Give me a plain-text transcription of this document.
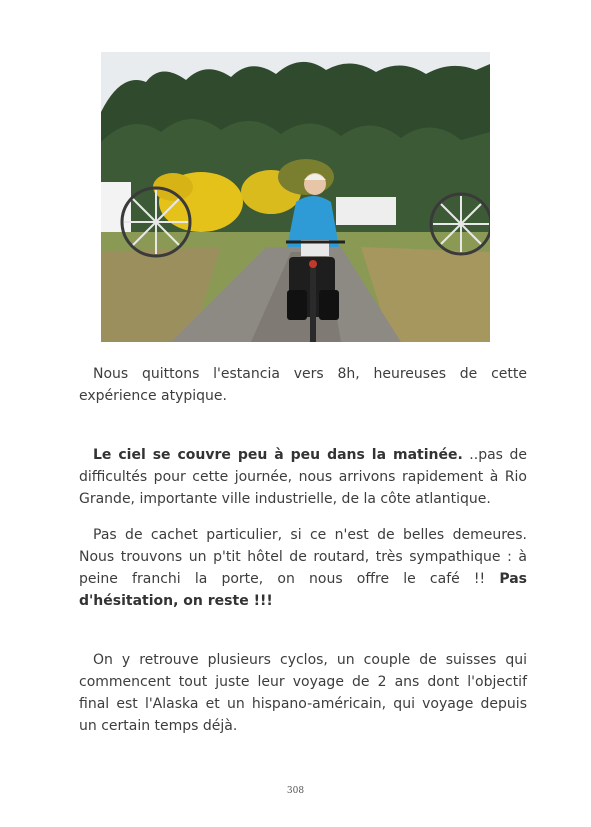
Nous quittons l'estancia vers 8h, heureuses de cette expérience atypique.

Le ciel se couvre peu à peu dans la matinée. ..pas de difficultés pour cette journée, nous arrivons rapidement à Rio Grande, importante ville industrielle, de la côte atlantique.

Pas de cachet particulier, si ce n'est de belles demeures. Nous trouvons un p'tit hôtel de routard, très sympathique : à peine franchi la porte, on nous offre le café !! Pas d'hésitation, on reste !!!

On y retrouve plusieurs cyclos, un couple de suisses qui commencent tout juste leur voyage de 2 ans dont l'objectif final est l'Alaska et un hispano-américain, qui voyage depuis un certain temps déjà.

308
